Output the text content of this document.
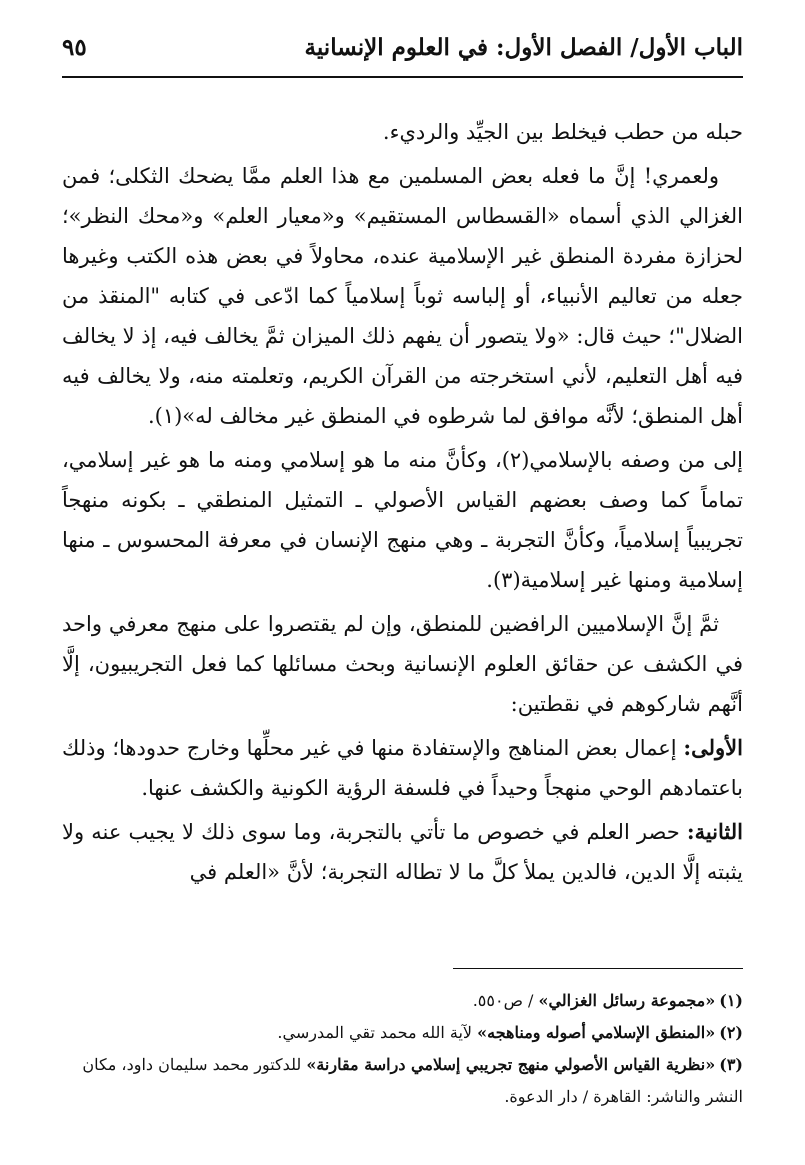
الباب الأول/ الفصل الأول: في العلوم الإنسانية
٩٥

حبله من حطب فيخلط بين الجيِّد والرديء.

ولعمري! إنَّ ما فعله بعض المسلمين مع هذا العلم ممَّا يضحك الثكلى؛ فمن الغزالي الذي أسماه «القسطاس المستقيم» و«معيار العلم» و«محك النظر»؛ لحزازة مفردة المنطق غير الإسلامية عنده، محاولاً في بعض هذه الكتب وغيرها جعله من تعاليم الأنبياء، أو إلباسه ثوباً إسلامياً كما ادّعى في كتابه "المنقذ من الضلال"؛ حيث قال: «ولا يتصور أن يفهم ذلك الميزان ثمَّ يخالف فيه، إذ لا يخالف فيه أهل التعليم، لأني استخرجته من القرآن الكريم، وتعلمته منه، ولا يخالف فيه أهل المنطق؛ لأنَّه موافق لما شرطوه في المنطق غير مخالف له»(١).

إلى من وصفه بالإسلامي(٢)، وكأنَّ منه ما هو إسلامي ومنه ما هو غير إسلامي، تماماً كما وصف بعضهم القياس الأصولي ـ التمثيل المنطقي ـ بكونه منهجاً تجريبياً إسلامياً، وكأنَّ التجربة ـ وهي منهج الإنسان في معرفة المحسوس ـ منها إسلامية ومنها غير إسلامية(٣).

ثمَّ إنَّ الإسلاميين الرافضين للمنطق، وإن لم يقتصروا على منهج معرفي واحد في الكشف عن حقائق العلوم الإنسانية وبحث مسائلها كما فعل التجريبيون، إلَّا أنَّهم شاركوهم في نقطتين:

الأولى: إعمال بعض المناهج والإستفادة منها في غير محلِّها وخارج حدودها؛ وذلك باعتمادهم الوحي منهجاً وحيداً في فلسفة الرؤية الكونية والكشف عنها.

الثانية: حصر العلم في خصوص ما تأتي بالتجربة، وما سوى ذلك لا يجيب عنه ولا يثبته إلَّا الدين، فالدين يملأ كلَّ ما لا تطاله التجربة؛ لأنَّ «العلم في

(١)«مجموعة رسائل الغزالي» / ص٥٥٠.

(٢)«المنطق الإسلامي أصوله ومناهجه» لآية الله محمد تقي المدرسي.

(٣)«نظرية القياس الأصولي منهج تجريبي إسلامي دراسة مقارنة» للدكتور محمد سليمان داود، مكان النشر والناشر: القاهرة / دار الدعوة.
